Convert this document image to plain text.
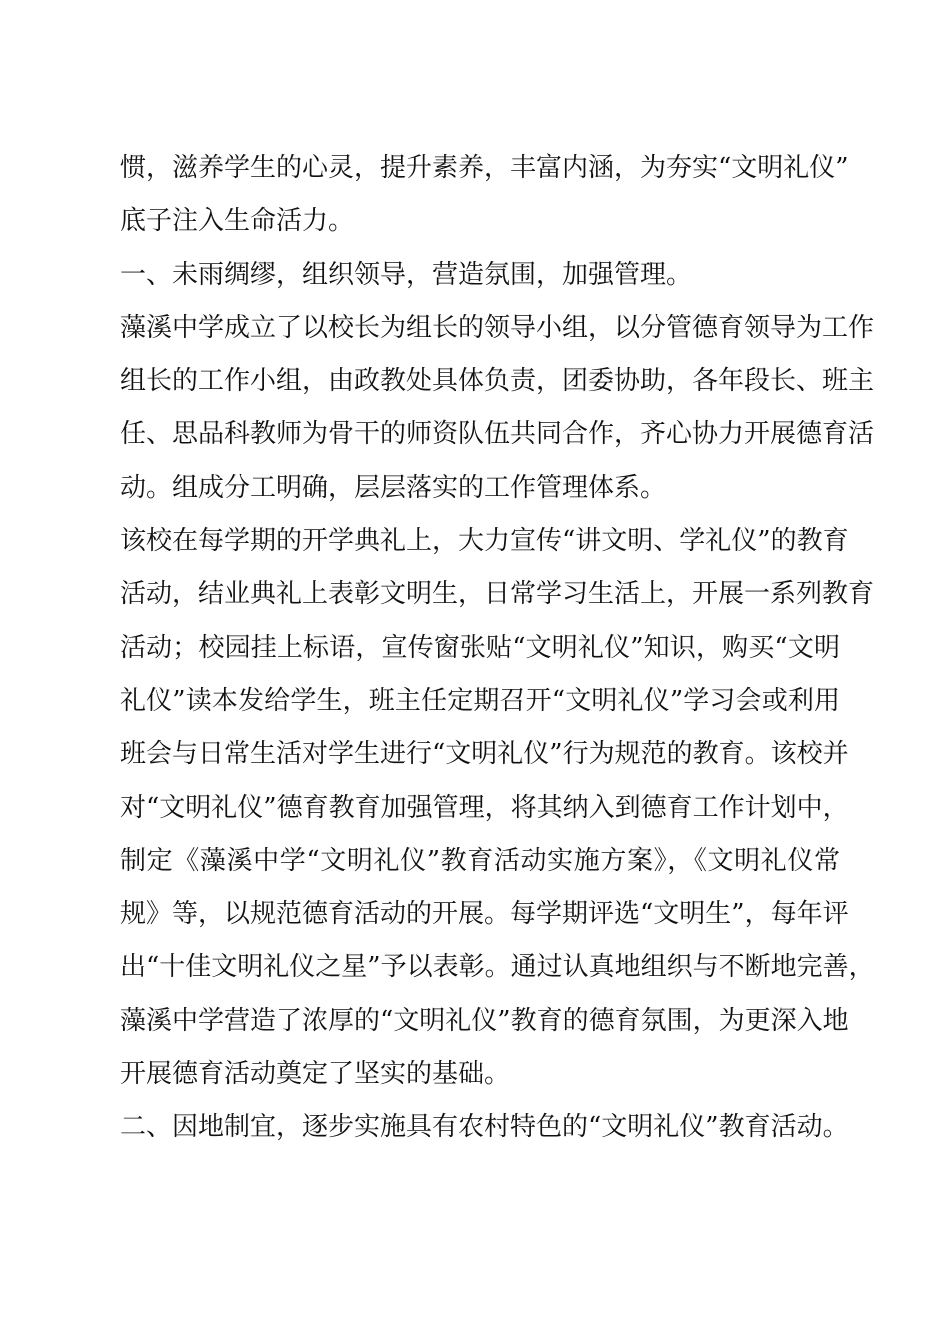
惯，滋养学生的心灵，提升素养，丰富内涵，为夯实“文明礼仪”
底子注入生命活力。
一、未雨绸缪，组织领导，营造氛围，加强管理。
藻溪中学成立了以校长为组长的领导小组，以分管德育领导为工作
组长的工作小组，由政教处具体负责，团委协助，各年段长、班主
任、思品科教师为骨干的师资队伍共同合作，齐心协力开展德育活
动。组成分工明确，层层落实的工作管理体系。
该校在每学期的开学典礼上，大力宣传“讲文明、学礼仪”的教育
活动，结业典礼上表彰文明生，日常学习生活上，开展一系列教育
活动；校园挂上标语，宣传窗张贴“文明礼仪”知识，购买“文明
礼仪”读本发给学生，班主任定期召开“文明礼仪”学习会或利用
班会与日常生活对学生进行“文明礼仪”行为规范的教育。该校并
对“文明礼仪”德育教育加强管理，将其纳入到德育工作计划中，
制定《藻溪中学“文明礼仪”教育活动实施方案》，《文明礼仪常
规》等，以规范德育活动的开展。每学期评选“文明生”，每年评
出“十佳文明礼仪之星”予以表彰。通过认真地组织与不断地完善，
藻溪中学营造了浓厚的“文明礼仪”教育的德育氛围，为更深入地
开展德育活动奠定了坚实的基础。
二、因地制宜，逐步实施具有农村特色的“文明礼仪”教育活动。
